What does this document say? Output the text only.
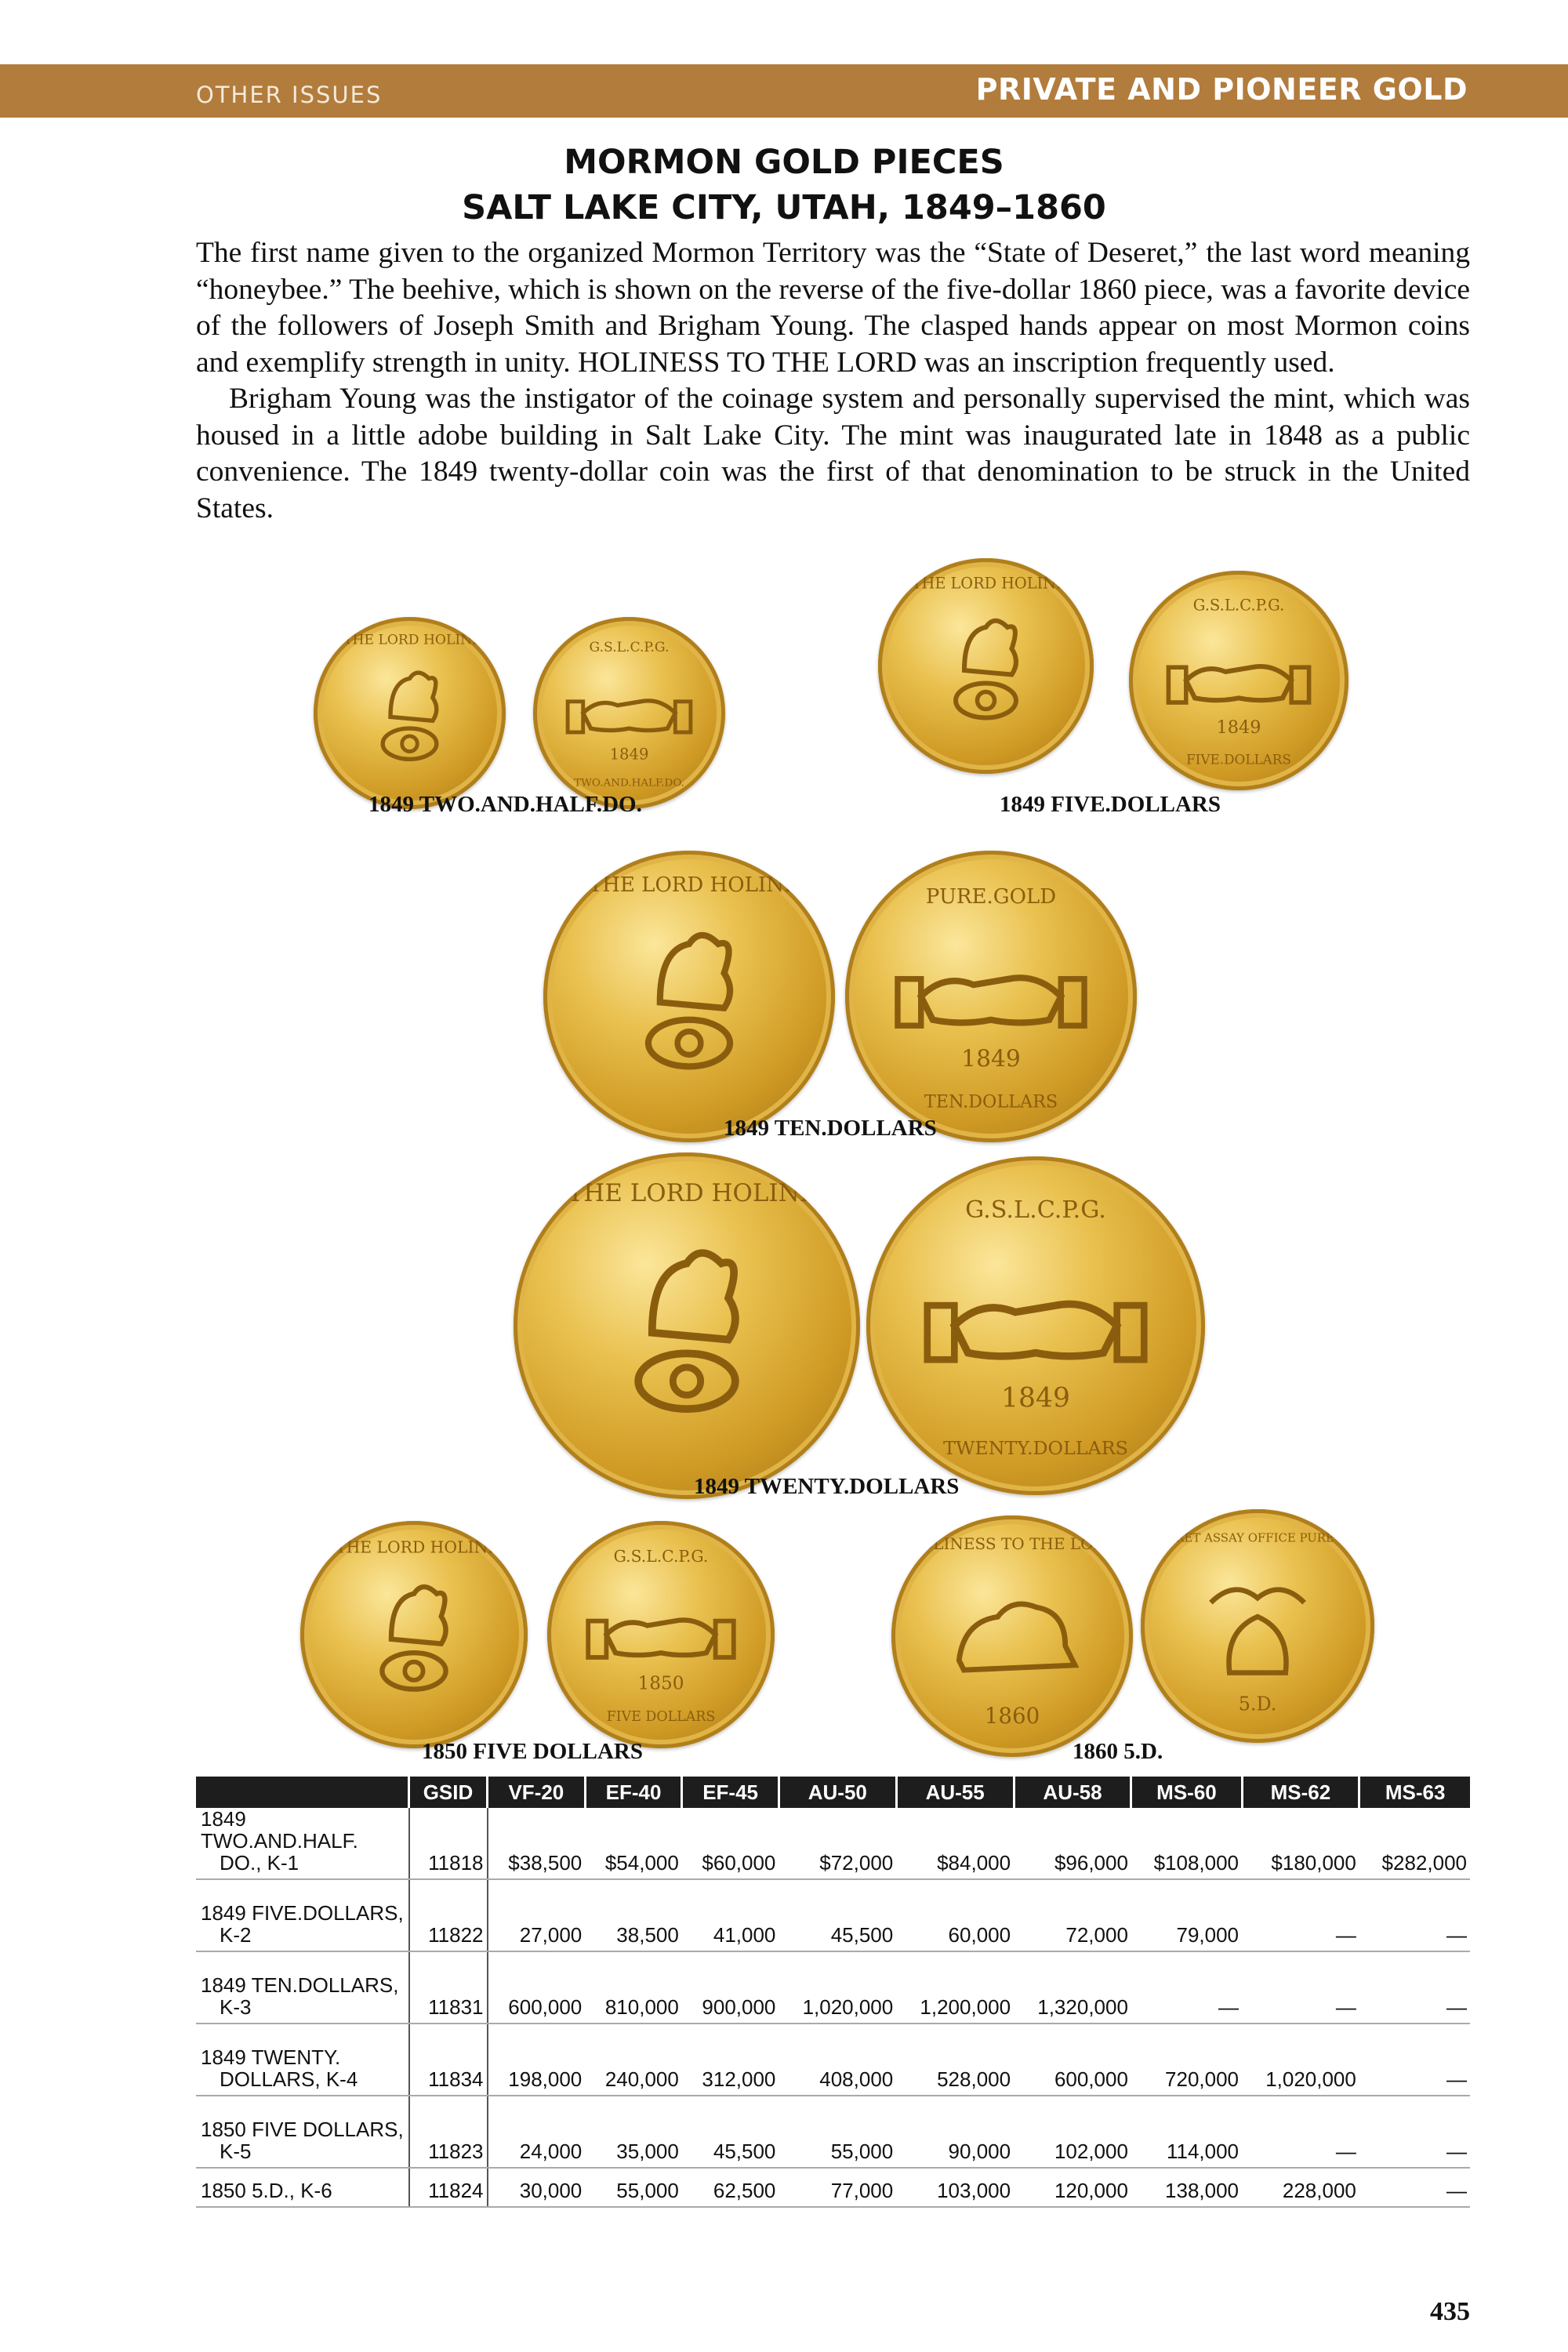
OTHER ISSUES	PRIVATE AND PIONEER GOLD
MORMON GOLD PIECES
SALT LAKE CITY, UTAH, 1849–1860

The first name given to the organized Mormon Territory was the “State of Deseret,” the last word meaning “honeybee.” The beehive, which is shown on the reverse of the five-dollar 1860 piece, was a favorite device of the followers of Joseph Smith and Brigham Young. The clasped hands appear on most Mormon coins and exemplify strength in unity. HOLINESS TO THE LORD was an inscription frequently used.

Brigham Young was the instigator of the coinage system and personally supervised the mint, which was housed in a little adobe building in Salt Lake City. The mint was inaugurated late in 1848 as a public convenience. The 1849 twenty-dollar coin was the first of that denomination to be struck in the United States.

TO THE LORD HOLINESS	G.S.L.C.P.G.
1849
TWO.AND.HALF.DO.
TO THE LORD HOLINESS
G.S.L.C.P.G.
1849
FIVE.DOLLARS
1849 TWO.AND.HALF.DO.	1849 FIVE.DOLLARS
TO THE LORD HOLINESS	PURE.GOLD
1849
TEN.DOLLARS
1849 TEN.DOLLARS
TO THE LORD HOLINESS
G.S.L.C.P.G.
1849
TWENTY.DOLLARS
1849 TWENTY.DOLLARS
TO THE LORD HOLINESS	G.S.L.C.P.G.
1850
FIVE DOLLARS
HOLINESS TO THE LORD
1860
DESERET ASSAY OFFICE PURE GOLD
5.D.
1850 FIVE DOLLARS	1860 5.D.
	GSID	VF-20	EF-40	EF-45	AU-50	AU-55	AU-58	MS-60	MS-62	MS-63
1849 TWO.AND.HALF.
DO., K-1	11818	$38,500	$54,000	$60,000	$72,000	$84,000	$96,000	$108,000	$180,000	$282,000
1849 FIVE.DOLLARS,
K-2	11822	27,000	38,500	41,000	45,500	60,000	72,000	79,000	—	—
1849 TEN.DOLLARS,
K-3	11831	600,000	810,000	900,000	1,020,000	1,200,000	1,320,000	—	—	—
1849 TWENTY.
DOLLARS, K-4	11834	198,000	240,000	312,000	408,000	528,000	600,000	720,000	1,020,000	—
1850 FIVE DOLLARS,
K-5	11823	24,000	35,000	45,500	55,000	90,000	102,000	114,000	—	—
1850 5.D., K-6	11824	30,000	55,000	62,500	77,000	103,000	120,000	138,000	228,000	—
435
